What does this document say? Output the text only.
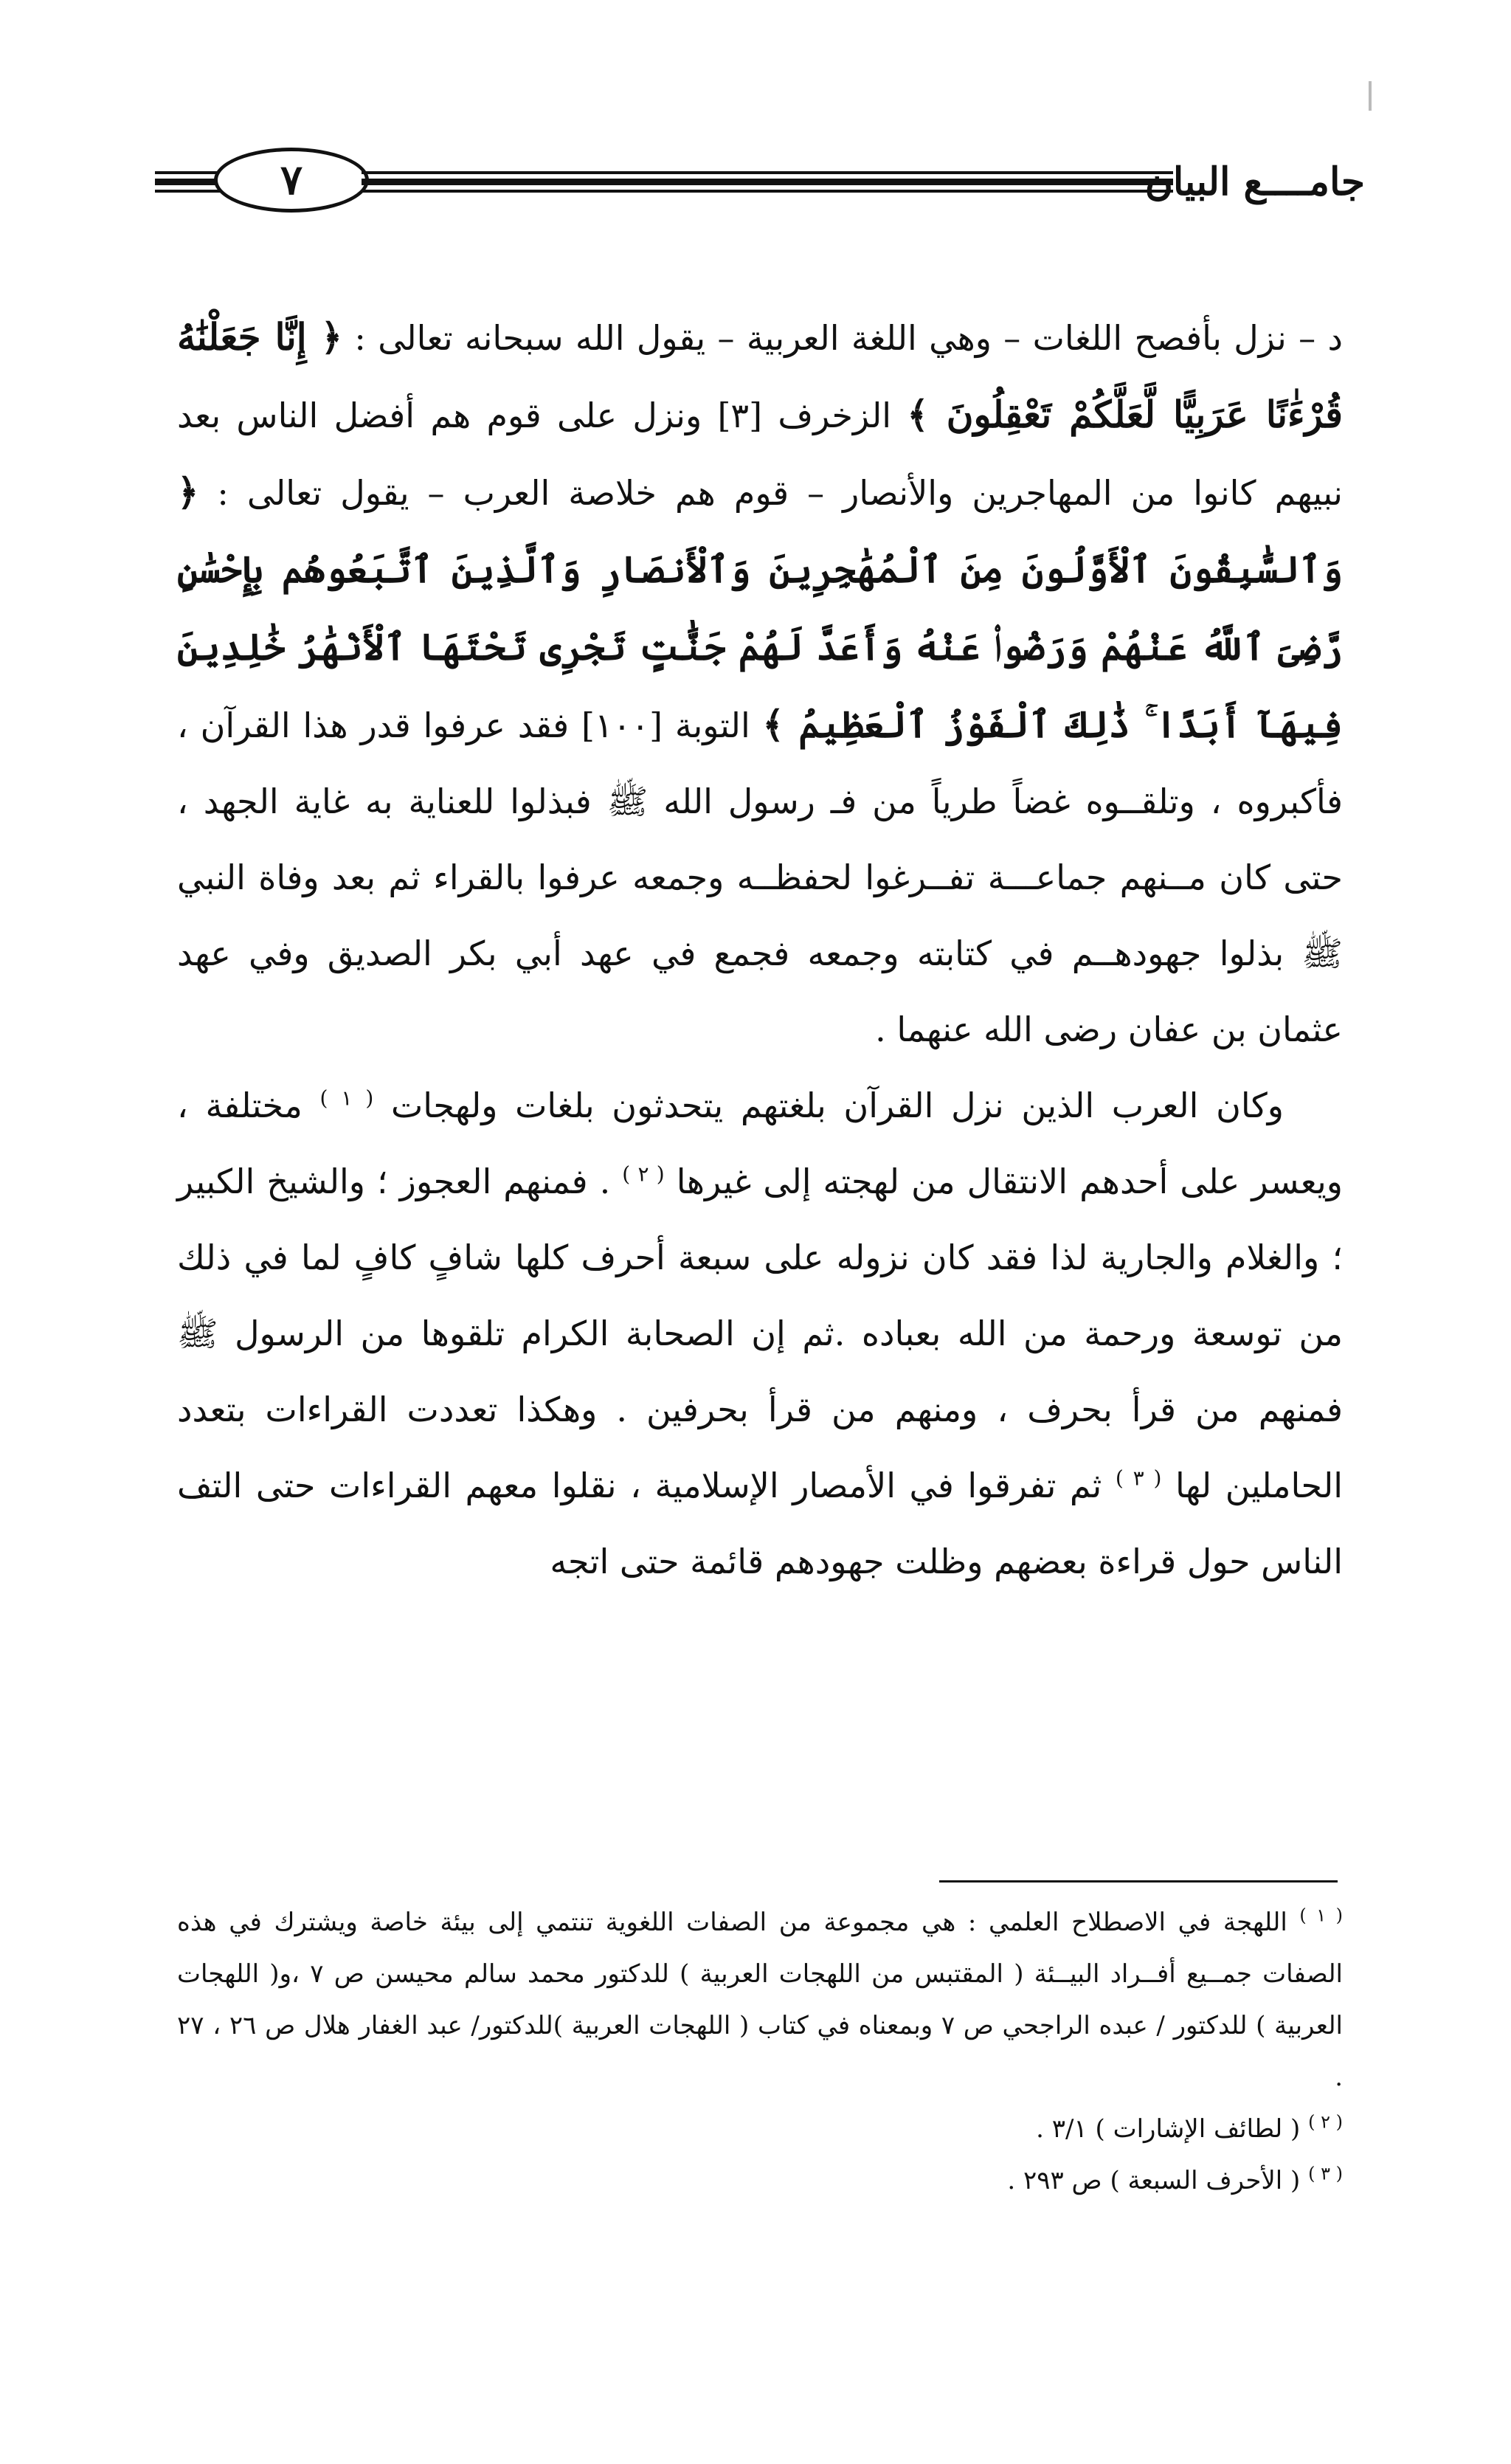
٧	جامــــع البيان

د – نزل بأفصح اللغات – وهي اللغة العربية – يقول الله سبحانه تعالى : ﴿ إِنَّا جَعَلْنَٰهُ قُرْءَٰنًا عَرَبِيًّا لَّعَلَّكُمْ تَعْقِلُونَ ﴾ الزخرف [٣] ونزل على قوم هم أفضل الناس بعد نبيهم كانوا من المهاجرين والأنصار – قوم هم خلاصة العرب – يقول تعالى : ﴿ وَٱلسَّٰبِقُونَ ٱلْأَوَّلُونَ مِنَ ٱلْمُهَٰجِرِينَ وَٱلْأَنصَارِ وَٱلَّذِينَ ٱتَّبَعُوهُم بِإِحْسَٰنٍ رَّضِىَ ٱللَّهُ عَنْهُمْ وَرَضُوا۟ عَنْهُ وَأَعَدَّ لَهُمْ جَنَّٰتٍ تَجْرِى تَحْتَهَا ٱلْأَنْهَٰرُ خَٰلِدِينَ فِيهَآ أَبَدًا ۚ ذَٰلِكَ ٱلْفَوْزُ ٱلْعَظِيمُ ﴾ التوبة [١٠٠] فقد عرفوا قدر هذا القرآن ، فأكبروه ، وتلقــوه غضاً طرياً من فـ رسول الله ﷺ فبذلوا للعناية به غاية الجهد ، حتى كان مــنهم جماعـــة تفــرغوا لحفظــه وجمعه عرفوا بالقراء ثم بعد وفاة النبي ﷺ بذلوا جهودهــم في كتابته وجمعه فجمع في عهد أبي بكر الصديق وفي عهد عثمان بن عفان رضى الله عنهما .

وكان العرب الذين نزل القرآن بلغتهم يتحدثون بلغات ولهجات $^{( ١ )}$ مختلفة ، ويعسر على أحدهم الانتقال من لهجته إلى غيرها $^{( ٢ )}$ . فمنهم العجوز ؛ والشيخ الكبير ؛ والغلام والجارية لذا فقد كان نزوله على سبعة أحرف كلها شافٍ كافٍ لما في ذلك من توسعة ورحمة من الله بعباده .ثم إن الصحابة الكرام تلقوها من الرسول ﷺ فمنهم من قرأ بحرف ، ومنهم من قرأ بحرفين . وهكذا تعددت القراءات بتعدد الحاملين لها $^{( ٣ )}$ ثم تفرقوا في الأمصار الإسلامية ، نقلوا معهم القراءات حتى التف الناس حول قراءة بعضهم وظلت جهودهم قائمة حتى اتجه

$^{( ١ )}$ اللهجة في الاصطلاح العلمي : هي مجموعة من الصفات اللغوية تنتمي إلى بيئة خاصة ويشترك في هذه الصفات جمــيع أفــراد البيــئة ( المقتبس من اللهجات العربية ) للدكتور محمد سالم محيسن ص ٧ ،و( اللهجات العربية ) للدكتور / عبده الراجحي ص ٧ وبمعناه في كتاب ( اللهجات العربية )للدكتور/ عبد الغفار هلال ص ٢٦ ، ٢٧ .

$^{( ٢ )}$ ( لطائف الإشارات ) ٣/١ .

$^{( ٣ )}$ ( الأحرف السبعة ) ص ٢٩٣ .
